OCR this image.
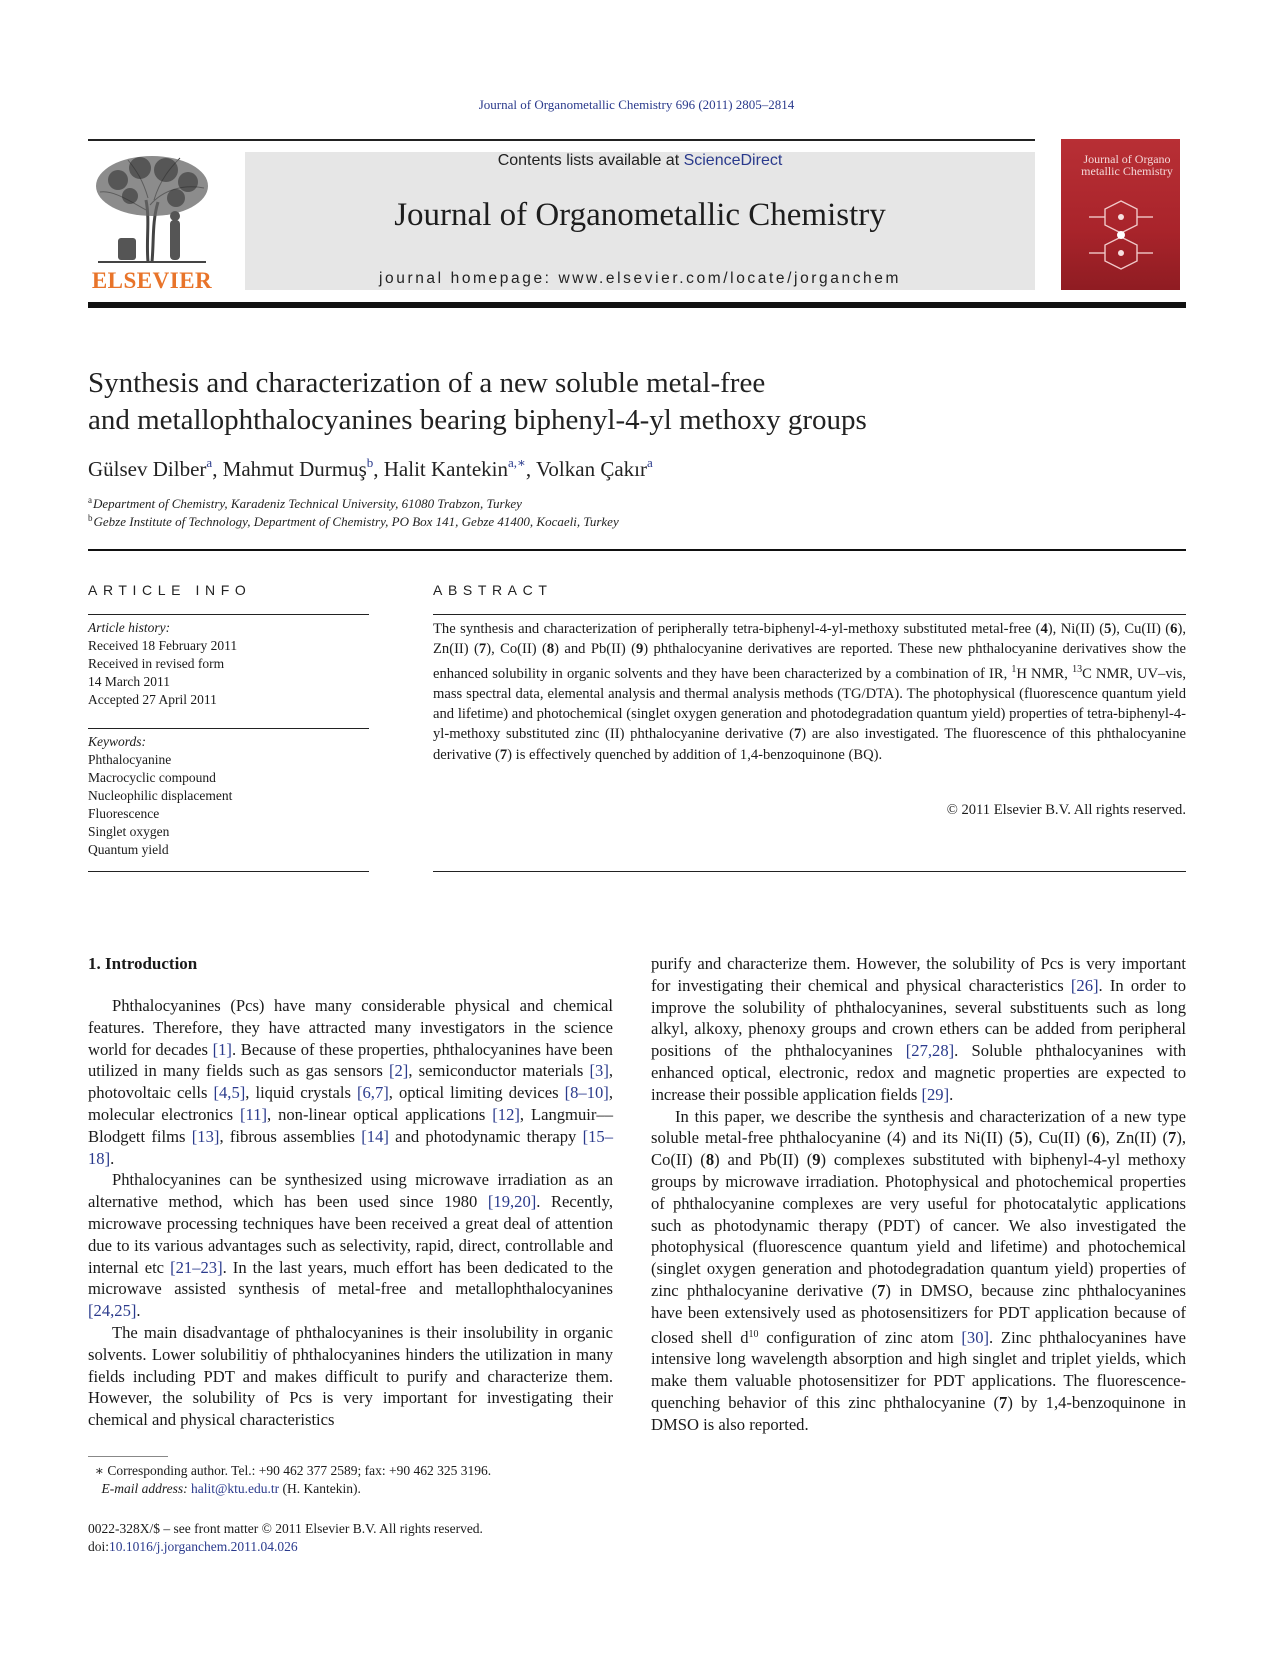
Journal of Organometallic Chemistry 696 (2011) 2805–2814
ELSEVIER
Contents lists available at ScienceDirect
Journal of Organometallic Chemistry
journal homepage: www.elsevier.com/locate/jorganchem
Journal of Organo metallic Chemistry
Synthesis and characterization of a new soluble metal-free
and metallophthalocyanines bearing biphenyl-4-yl methoxy groups
Gülsev Dilber$^a$, Mahmut Durmuş$^b$, Halit Kantekin$^{a,∗}$, Volkan Çakır$^a$
$^a$Department of Chemistry, Karadeniz Technical University, 61080 Trabzon, Turkey
$^b$Gebze Institute of Technology, Department of Chemistry, PO Box 141, Gebze 41400, Kocaeli, Turkey
ARTICLE INFO
Article history:
Received 18 February 2011
Received in revised form
14 March 2011
Accepted 27 April 2011
Keywords:
Phthalocyanine
Macrocyclic compound
Nucleophilic displacement
Fluorescence
Singlet oxygen
Quantum yield
ABSTRACT
The synthesis and characterization of peripherally tetra-biphenyl-4-yl-methoxy substituted metal-free (4), Ni(II) (5), Cu(II) (6), Zn(II) (7), Co(II) (8) and Pb(II) (9) phthalocyanine derivatives are reported. These new phthalocyanine derivatives show the enhanced solubility in organic solvents and they have been characterized by a combination of IR, $^1$H NMR, $^{13}$C NMR, UV–vis, mass spectral data, elemental analysis and thermal analysis methods (TG/DTA). The photophysical (fluorescence quantum yield and lifetime) and photochemical (singlet oxygen generation and photodegradation quantum yield) properties of tetra-biphenyl-4-yl-methoxy substituted zinc (II) phthalocyanine derivative (7) are also investigated. The fluorescence of this phthalocyanine derivative (7) is effectively quenched by addition of 1,4-benzoquinone (BQ).
© 2011 Elsevier B.V. All rights reserved.
1. Introduction

Phthalocyanines (Pcs) have many considerable physical and chemical features. Therefore, they have attracted many investigators in the science world for decades [1]. Because of these properties, phthalocyanines have been utilized in many fields such as gas sensors [2], semiconductor materials [3], photovoltaic cells [4,5], liquid crystals [6,7], optical limiting devices [8–10], molecular electronics [11], non-linear optical applications [12], Langmuir––Blodgett films [13], fibrous assemblies [14] and photodynamic therapy [15–18].

Phthalocyanines can be synthesized using microwave irradiation as an alternative method, which has been used since 1980 [19,20]. Recently, microwave processing techniques have been received a great deal of attention due to its various advantages such as selectivity, rapid, direct, controllable and internal etc [21–23]. In the last years, much effort has been dedicated to the microwave assisted synthesis of metal-free and metallophthalocyanines [24,25].

The main disadvantage of phthalocyanines is their insolubility in organic solvents. Lower solubilitiy of phthalocyanines hinders the utilization in many fields including PDT and makes difficult to purify and characterize them. However, the solubility of Pcs is very important for investigating their chemical and physical characteristics

purify and characterize them. However, the solubility of Pcs is very important for investigating their chemical and physical characteristics [26]. In order to improve the solubility of phthalocyanines, several substituents such as long alkyl, alkoxy, phenoxy groups and crown ethers can be added from peripheral positions of the phthalocyanines [27,28]. Soluble phthalocyanines with enhanced optical, electronic, redox and magnetic properties are expected to increase their possible application fields [29].

In this paper, we describe the synthesis and characterization of a new type soluble metal-free phthalocyanine (4) and its Ni(II) (5), Cu(II) (6), Zn(II) (7), Co(II) (8) and Pb(II) (9) complexes substituted with biphenyl-4-yl methoxy groups by microwave irradiation. Photophysical and photochemical properties of phthalocyanine complexes are very useful for photocatalytic applications such as photodynamic therapy (PDT) of cancer. We also investigated the photophysical (fluorescence quantum yield and lifetime) and photochemical (singlet oxygen generation and photodegradation quantum yield) properties of zinc phthalocyanine derivative (7) in DMSO, because zinc phthalocyanines have been extensively used as photosensitizers for PDT application because of closed shell $d^{10}$ configuration of zinc atom [30]. Zinc phthalocyanines have intensive long wavelength absorption and high singlet and triplet yields, which make them valuable photosensitizer for PDT applications. The fluorescence-quenching behavior of this zinc phthalocyanine (7) by 1,4-benzoquinone in DMSO is also reported.

∗ Corresponding author. Tel.: +90 462 377 2589; fax: +90 462 325 3196.
E-mail address: halit@ktu.edu.tr (H. Kantekin).
0022-328X/$ – see front matter © 2011 Elsevier B.V. All rights reserved.
doi:10.1016/j.jorganchem.2011.04.026
